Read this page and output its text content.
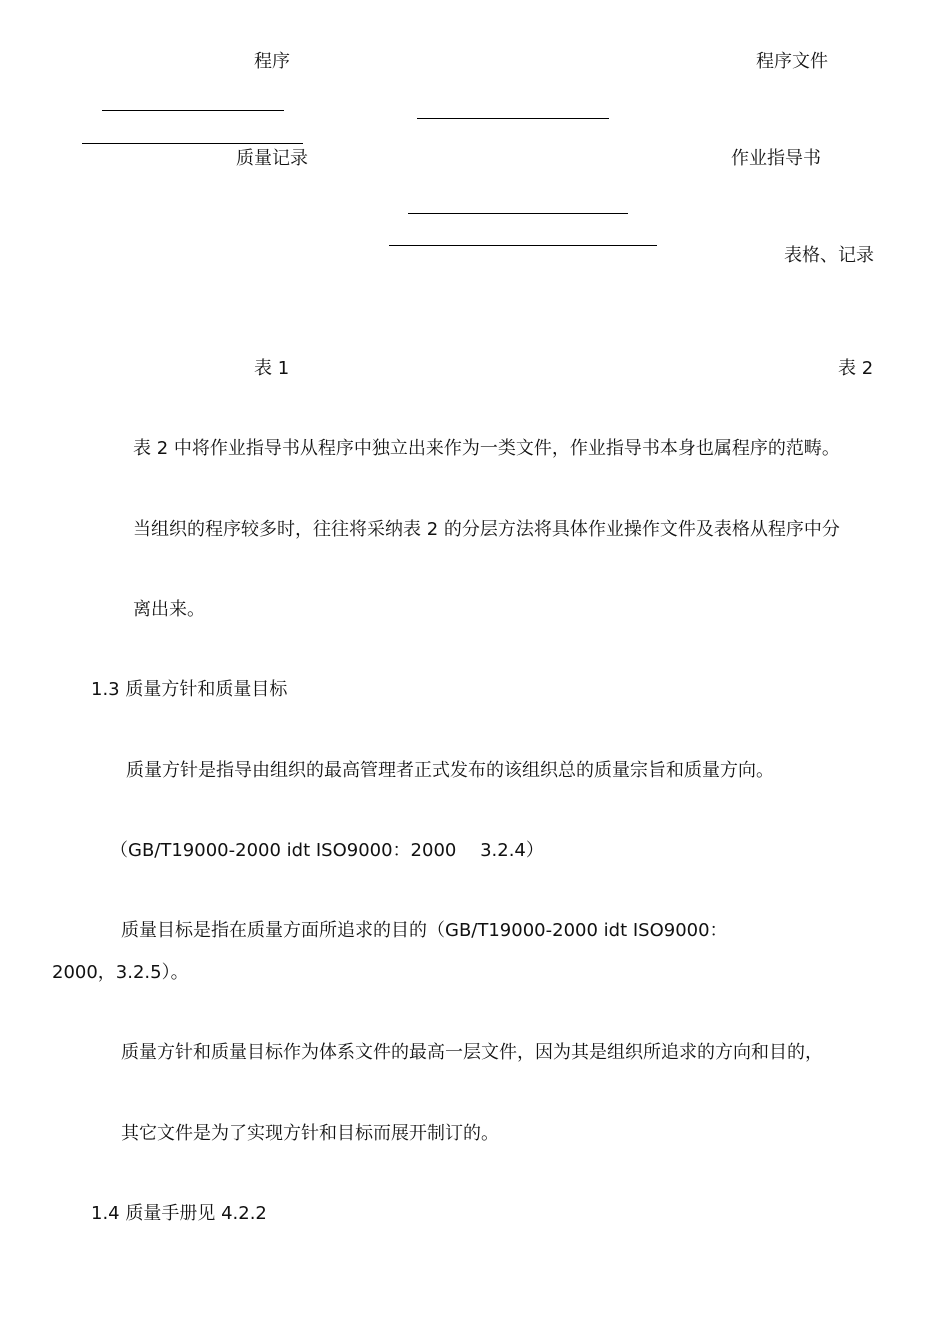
程序
质量记录
表 1
程序文件
作业指导书
表格、记录
表 2
表 2 中将作业指导书从程序中独立出来作为一类文件，作业指导书本身也属程序的范畴。
当组织的程序较多时，往往将采纳表 2 的分层方法将具体作业操作文件及表格从程序中分
离出来。
1.3 质量方针和质量目标
质量方针是指导由组织的最高管理者正式发布的该组织总的质量宗旨和质量方向。
（GB/T19000-2000 idt ISO9000：2000　 3.2.4）
质量目标是指在质量方面所追求的目的（GB/T19000-2000 idt ISO9000：
2000，3.2.5）。
质量方针和质量目标作为体系文件的最高一层文件，因为其是组织所追求的方向和目的，
其它文件是为了实现方针和目标而展开制订的。
1.4 质量手册见 4.2.2
